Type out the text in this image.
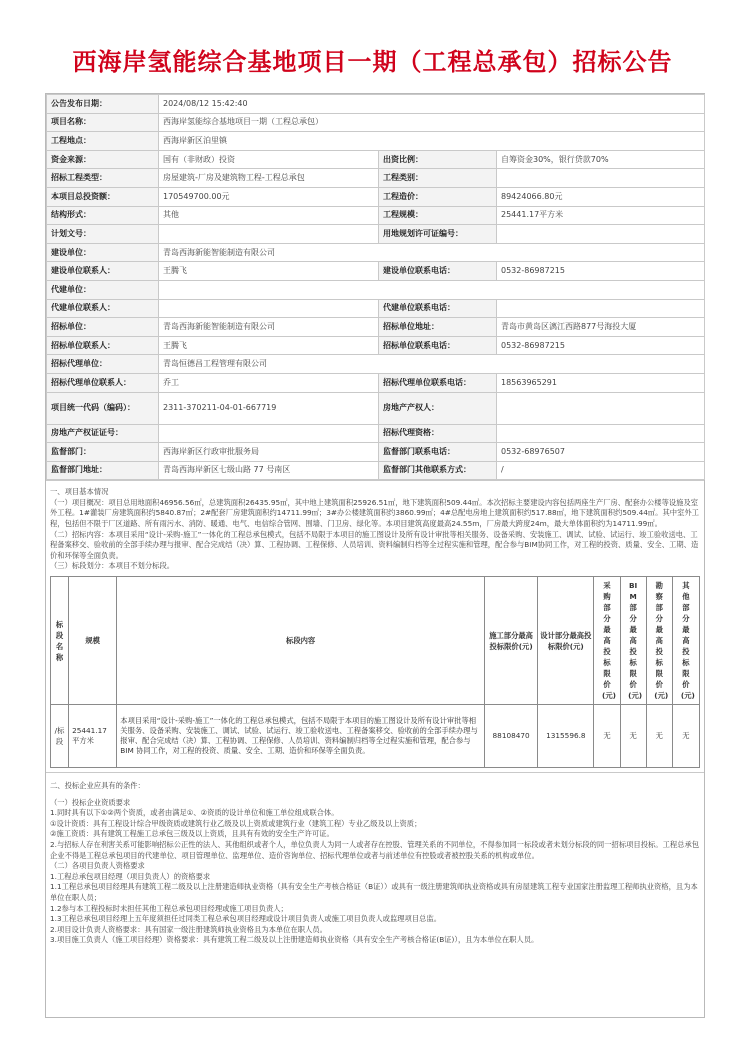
西海岸氢能综合基地项目一期（工程总承包）招标公告
公告发布日期：	2024/08/12 15:42:40		
项目名称：	西海岸氢能综合基地项目一期（工程总承包）		
工程地点：	西海岸新区泊里镇		
资金来源：	国有（非财政）投资	出资比例：	自筹资金30%，银行贷款70%
招标工程类型：	房屋建筑-厂房及建筑物工程-工程总承包	工程类别：	
本项目总投资额：	170549700.00元	工程造价：	89424066.80元
结构形式：	其他	工程规模：	25441.17平方米
计划文号：		用地规划许可证编号：	
建设单位：	青岛西海新能智能制造有限公司		
建设单位联系人：	王腾飞	建设单位联系电话：	0532-86987215
代建单位：			
代建单位联系人：		代建单位联系电话：	
招标单位：	青岛西海新能智能制造有限公司	招标单位地址：	青岛市黄岛区漓江西路877号海投大厦
招标单位联系人：	王腾飞	招标单位联系电话：	0532-86987215
招标代理单位：	青岛恒德昌工程管理有限公司		
招标代理单位联系人：	乔工	招标代理单位联系电话：	18563965291
项目统一代码（编码）：	2311-370211-04-01-667719	房地产产权人：	
房地产产权证证号：		招标代理资格：	
监督部门：	西海岸新区行政审批服务局	监督部门联系电话：	0532-68976507
监督部门地址：	青岛西海岸新区七级山路 77 号南区	监督部门其他联系方式：	/

一、项目基本情况

（一）项目概况：项目总用地面积46956.56㎡，总建筑面积26435.95㎡，其中地上建筑面积25926.51㎡，地下建筑面积509.44㎡。本次招标主要建设内容包括两座生产厂房、配套办公楼等设施及室外工程。1#灌装厂房建筑面积约5840.87㎡；2#配套厂房建筑面积约14711.99㎡；3#办公楼建筑面积约3860.99㎡；4#总配电房地上建筑面积约517.88㎡，地下建筑面积约509.44㎡。其中室外工程，包括但不限于厂区道路、所有雨污水、消防、暖通、电气、电信综合管网、围墙、门卫房、绿化等。本项目建筑高度最高24.55m，厂房最大跨度24m，最大单体面积约为14711.99㎡。

（二）招标内容：本项目采用“设计-采购-施工”一体化的工程总承包模式，包括不局限于本项目的施工图设计及所有设计审批等相关服务、设备采购、安装施工、调试、试验、试运行、竣工验收送电、工程备案移交、验收前的全部手续办理与报审、配合完成结（决）算、工程协调、工程保修、人员培训、资料编制归档等全过程实施和管理，配合参与BIM协同工作，对工程的投资、质量、安全、工期、造价和环保等全面负责。

（三）标段划分：本项目不划分标段。

标段名称	规模	标段内容	施工部分最高投标限价(元)	设计部分最高投标限价(元)	采购部分最高投标限价(元)	BIM部分最高投标限价(元)	勘察部分最高投标限价(元)	其他部分最高投标限价(元)
/标段	25441.17平方米	本项目采用“设计-采购-施工”一体化的工程总承包模式，包括不局限于本项目的施工图设计及所有设计审批等相关服务、设备采购、安装施工、调试、试验、试运行、竣工验收送电、工程备案移交、验收前的全部手续办理与报审、配合完成结（决）算、工程协调、工程保修、人员培训、资料编制归档等全过程实施和管理，配合参与 BIM 协同工作，对工程的投资、质量、安全、工期、造价和环保等全面负责。	88108470	1315596.8	无	无	无	无

二、投标企业应具有的条件：

（一）投标企业资质要求

1.同时具有以下①②两个资质，或者由满足①、②资质的设计单位和施工单位组成联合体。

①设计资质：具有工程设计综合甲级资质或建筑行业乙级及以上资质或建筑行业（建筑工程）专业乙级及以上资质；

②施工资质：具有建筑工程施工总承包三级及以上资质，且具有有效的安全生产许可证。

2.与招标人存在利害关系可能影响招标公正性的法人、其他组织或者个人，单位负责人为同一人或者存在控股、管理关系的不同单位，不得参加同一标段或者未划分标段的同一招标项目投标。工程总承包企业不得是工程总承包项目的代建单位、项目管理单位、监理单位、造价咨询单位、招标代理单位或者与前述单位有控股或者被控股关系的机构或单位。

（二）各项目负责人资格要求

1.工程总承包项目经理（项目负责人）的资格要求

1.1工程总承包项目经理具有建筑工程二级及以上注册建造师执业资格（具有安全生产考核合格证（B证））或具有一级注册建筑师执业资格或具有房屋建筑工程专业国家注册监理工程师执业资格，且为本单位在职人员；

1.2参与本工程投标时未担任其他工程总承包项目经理或施工项目负责人；

1.3工程总承包项目经理上五年度须担任过同类工程总承包项目经理或设计项目负责人或施工项目负责人或监理项目总监。

2.项目设计负责人资格要求：具有国家一级注册建筑师执业资格且为本单位在职人员。

3.项目施工负责人（施工项目经理）资格要求：具有建筑工程二级及以上注册建造师执业资格（具有安全生产考核合格证(B证)），且为本单位在职人员。
